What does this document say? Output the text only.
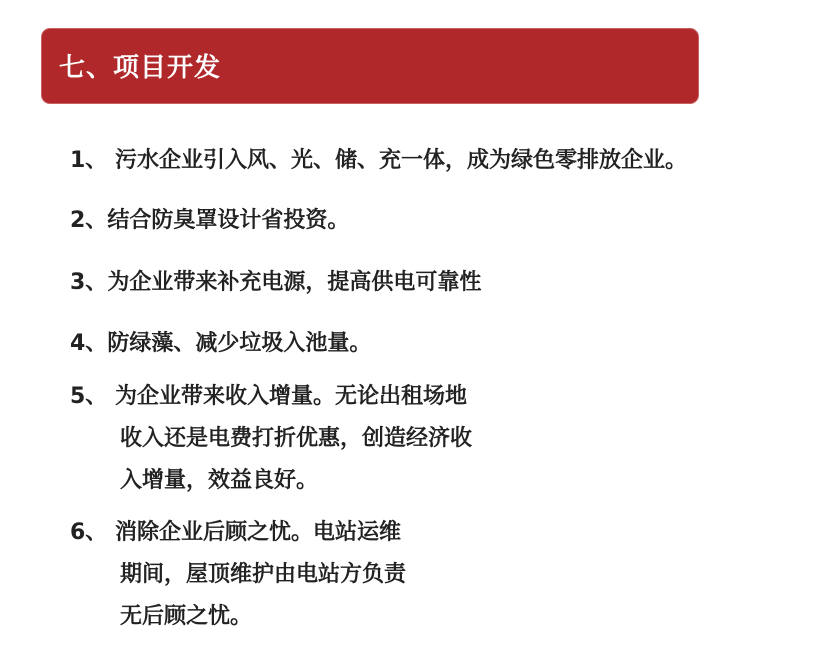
七、项目开发
1、 污水企业引入风、光、储、充一体，成为绿色零排放企业。
2、结合防臭罩设计省投资。
3、为企业带来补充电源，提高供电可靠性
4、防绿藻、减少垃圾入池量。
5、 为企业带来收入增量。无论出租场地
收入还是电费打折优惠，创造经济收
入增量，效益良好。
6、 消除企业后顾之忧。电站运维
期间，屋顶维护由电站方负责
无后顾之忧。
